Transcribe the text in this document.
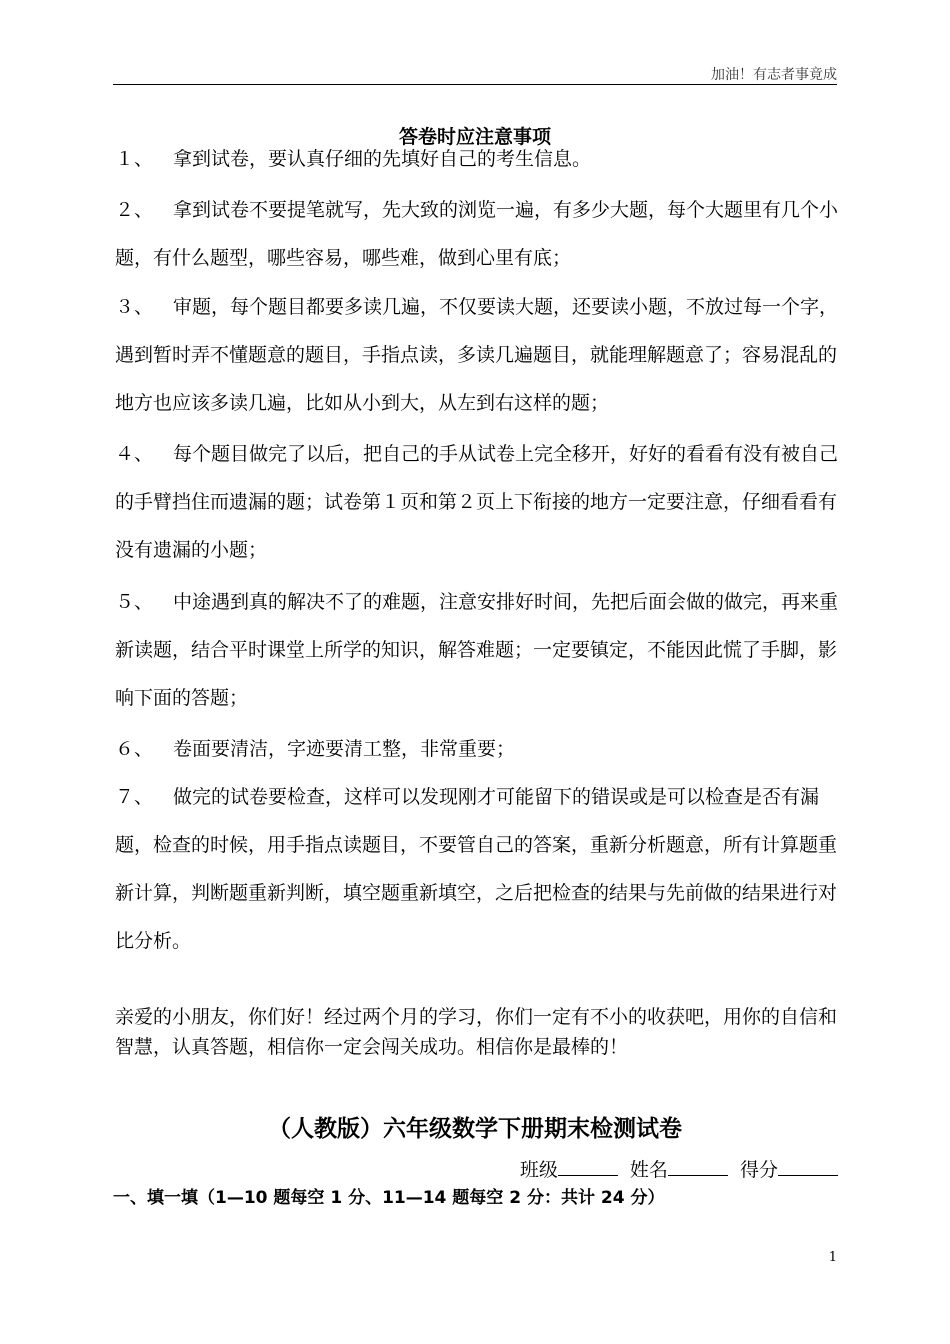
加油！有志者事竟成
答卷时应注意事项
１、 拿到试卷，要认真仔细的先填好自己的考生信息。
２、 拿到试卷不要提笔就写，先大致的浏览一遍，有多少大题，每个大题里有几个小题，有什么题型，哪些容易，哪些难，做到心里有底；
３、 审题，每个题目都要多读几遍，不仅要读大题，还要读小题，不放过每一个字，遇到暂时弄不懂题意的题目，手指点读，多读几遍题目，就能理解题意了；容易混乱的地方也应该多读几遍，比如从小到大，从左到右这样的题；
４、 每个题目做完了以后，把自己的手从试卷上完全移开，好好的看看有没有被自己的手臂挡住而遗漏的题；试卷第１页和第２页上下衔接的地方一定要注意，仔细看看有没有遗漏的小题；
５、 中途遇到真的解决不了的难题，注意安排好时间，先把后面会做的做完，再来重新读题，结合平时课堂上所学的知识，解答难题；一定要镇定，不能因此慌了手脚，影响下面的答题；
６、 卷面要清洁，字迹要清工整，非常重要；
７、 做完的试卷要检查，这样可以发现刚才可能留下的错误或是可以检查是否有漏题，检查的时候，用手指点读题目，不要管自己的答案，重新分析题意，所有计算题重新计算，判断题重新判断，填空题重新填空，之后把检查的结果与先前做的结果进行对比分析。
亲爱的小朋友，你们好！经过两个月的学习，你们一定有不小的收获吧，用你的自信和智慧，认真答题，相信你一定会闯关成功。相信你是最棒的！
（人教版）六年级数学下册期末检测试卷
班级	姓名	得分
一、填一填（1—10 题每空 1 分、11—14 题每空 2 分：共计 24 分）
1
